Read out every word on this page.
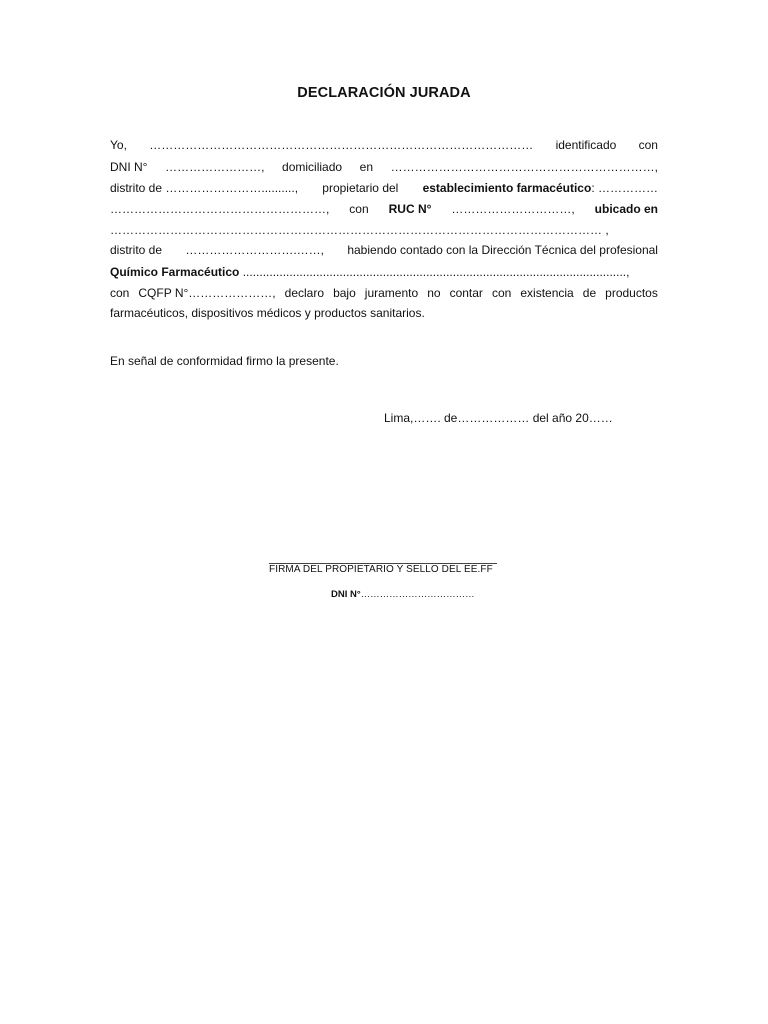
DECLARACIÓN JURADA
Yo, …………………………………………………………………………………… identificado con
DNI N° ……………………, domiciliado en …………………………………………………………,
distrito de …………………….........., propietario del establecimiento farmacéutico: ……………
………………………………………………, con RUC N° …………………………, ubicado en
…………………………………………………………………………………………………………… ,
distrito de ……………………….……, habiendo contado con la Dirección Técnica del profesional
Químico Farmacéutico ...................................................................................................................,
con CQFP N°…………………, declaro bajo juramento no contar con existencia de productos
farmacéuticos, dispositivos médicos y productos sanitarios.
En señal de conformidad firmo la presente.
Lima,……. de……………… del año 20……
FIRMA DEL PROPIETARIO Y SELLO DEL EE.FF
DNI N°………………………………
